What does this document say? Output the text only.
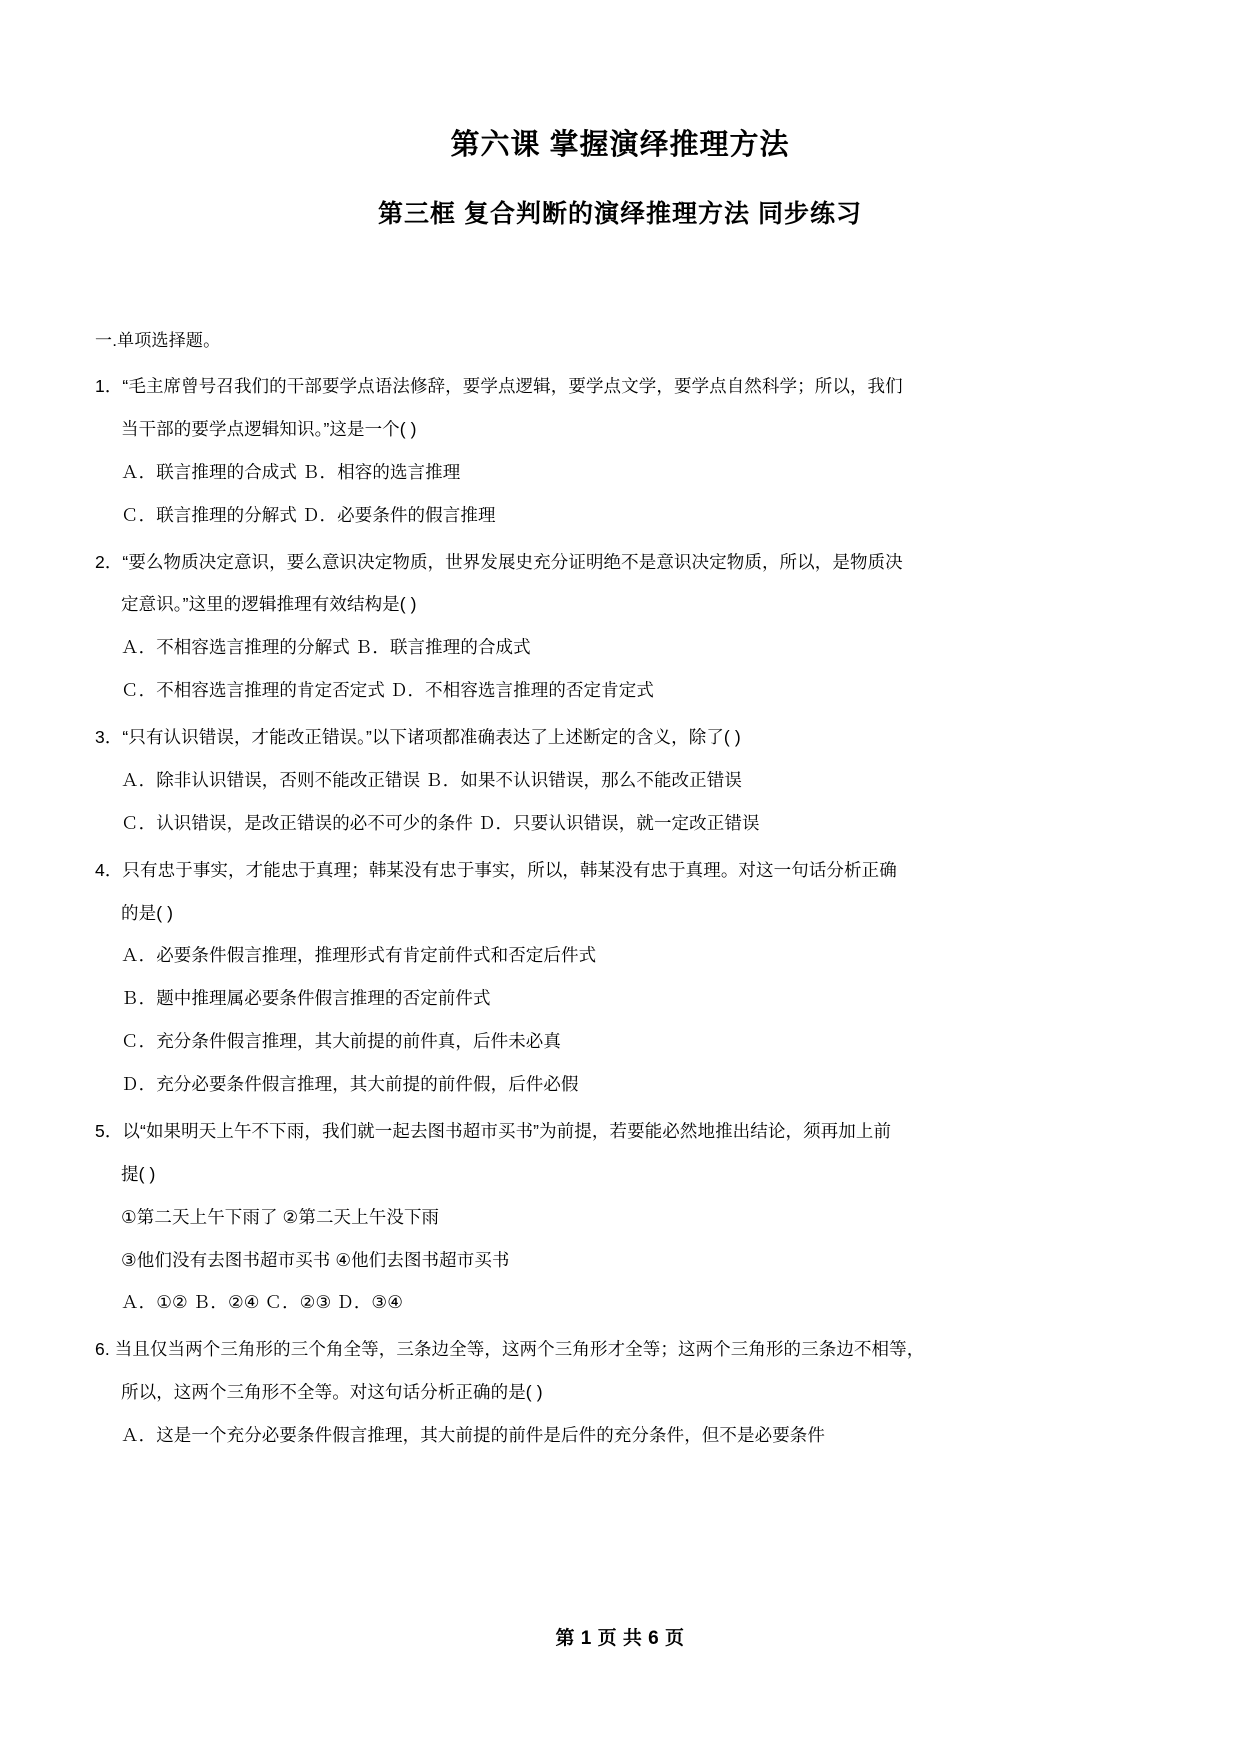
第六课 掌握演绎推理方法
第三框 复合判断的演绎推理方法 同步练习

一.单项选择题。

1．“毛主席曾号召我们的干部要学点语法修辞，要学点逻辑，要学点文学，要学点自然科学；所以，我们
当干部的要学点逻辑知识。”这是一个( )
Ａ．联言推理的合成式 Ｂ．相容的选言推理
Ｃ．联言推理的分解式 Ｄ．必要条件的假言推理
2．“要么物质决定意识，要么意识决定物质，世界发展史充分证明绝不是意识决定物质，所以，是物质决
定意识。”这里的逻辑推理有效结构是( )
Ａ．不相容选言推理的分解式 Ｂ．联言推理的合成式
Ｃ．不相容选言推理的肯定否定式 Ｄ．不相容选言推理的否定肯定式
3．“只有认识错误，才能改正错误。”以下诸项都准确表达了上述断定的含义，除了( )
Ａ．除非认识错误，否则不能改正错误 Ｂ．如果不认识错误，那么不能改正错误
Ｃ．认识错误，是改正错误的必不可少的条件 Ｄ．只要认识错误，就一定改正错误
4．只有忠于事实，才能忠于真理；韩某没有忠于事实，所以，韩某没有忠于真理。对这一句话分析正确
的是( )
Ａ．必要条件假言推理，推理形式有肯定前件式和否定后件式
Ｂ．题中推理属必要条件假言推理的否定前件式
Ｃ．充分条件假言推理，其大前提的前件真，后件未必真
Ｄ．充分必要条件假言推理，其大前提的前件假，后件必假
5．以“如果明天上午不下雨，我们就一起去图书超市买书”为前提，若要能必然地推出结论，须再加上前
提( )
①第二天上午下雨了 ②第二天上午没下雨
③他们没有去图书超市买书 ④他们去图书超市买书
Ａ．①② Ｂ．②④ Ｃ．②③ Ｄ．③④
6. 当且仅当两个三角形的三个角全等，三条边全等，这两个三角形才全等；这两个三角形的三条边不相等，
所以，这两个三角形不全等。对这句话分析正确的是( )
Ａ．这是一个充分必要条件假言推理，其大前提的前件是后件的充分条件，但不是必要条件
第 1 页 共 6 页
